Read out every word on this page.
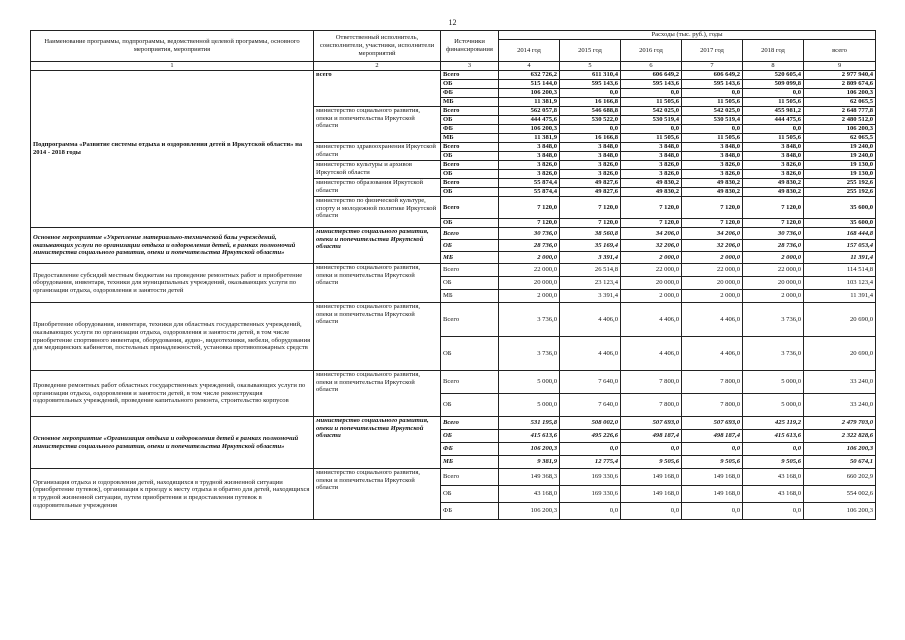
12
Наименование программы, подпрограммы, ведомственной целевой программы, основного мероприятия, мероприятия	Ответственный исполнитель, соисполнители, участники, исполнители мероприятий	Источники финансирования	Расходы (тыс. руб.), годы					
			2014 год	2015 год	2016 год	2017 год	2018 год	всего
1	2	3	4	5	6	7	8	9
Подпрограмма «Развитие системы отдыха и оздоровления детей в Иркутской области» на 2014 - 2018 годы	всего	Всего	632 726,2	611 310,4	606 649,2	606 649,2	520 605,4	2 977 940,4
		ОБ	515 144,0	595 143,6	595 143,6	595 143,6	509 099,8	2 809 674,6
		ФБ	106 200,3	0,0	0,0	0,0	0,0	106 200,3
		МБ	11 381,9	16 166,8	11 505,6	11 505,6	11 505,6	62 065,5
	министерство социального развития, опеки и попечительства Иркутской области	Всего	562 057,8	546 688,8	542 025,0	542 025,0	455 981,2	2 648 777,8
		ОБ	444 475,6	530 522,0	530 519,4	530 519,4	444 475,6	2 480 512,0
		ФБ	106 200,3	0,0	0,0	0,0	0,0	106 200,3
		МБ	11 381,9	16 166,8	11 505,6	11 505,6	11 505,6	62 065,5
	министерство здравоохранения Иркутской области	Всего	3 848,0	3 848,0	3 848,0	3 848,0	3 848,0	19 240,0
		ОБ	3 848,0	3 848,0	3 848,0	3 848,0	3 848,0	19 240,0
	министерство культуры и архивов Иркутской области	Всего	3 826,0	3 826,0	3 826,0	3 826,0	3 826,0	19 130,0
		ОБ	3 826,0	3 826,0	3 826,0	3 826,0	3 826,0	19 130,0
	министерство образования Иркутской области	Всего	55 874,4	49 827,6	49 830,2	49 830,2	49 830,2	255 192,6
		ОБ	55 874,4	49 827,6	49 830,2	49 830,2	49 830,2	255 192,6
	министерство по физической культуре, спорту и молодежной политике Иркутской области	Всего	7 120,0	7 120,0	7 120,0	7 120,0	7 120,0	35 600,0
		ОБ	7 120,0	7 120,0	7 120,0	7 120,0	7 120,0	35 600,0
Основное мероприятие «Укрепление материально-технической базы учреждений, оказывающих услуги по организации отдыха и оздоровления детей, в рамках полномочий министерства социального развития, опеки и попечительства Иркутской области»	министерство социального развития, опеки и попечительства Иркутской области	Всего	30 736,0	38 560,8	34 206,0	34 206,0	30 736,0	168 444,8
		ОБ	28 736,0	35 169,4	32 206,0	32 206,0	28 736,0	157 053,4
		МБ	2 000,0	3 391,4	2 000,0	2 000,0	2 000,0	11 391,4
Предоставление субсидий местным бюджетам на проведение ремонтных работ и приобретение оборудования, инвентаря, техники для муниципальных учреждений, оказывающих услуги по организации отдыха, оздоровления и занятости детей	министерство социального развития, опеки и попечительства Иркутской области	Всего	22 000,0	26 514,8	22 000,0	22 000,0	22 000,0	114 514,8
		ОБ	20 000,0	23 123,4	20 000,0	20 000,0	20 000,0	103 123,4
		МБ	2 000,0	3 391,4	2 000,0	2 000,0	2 000,0	11 391,4
Приобретение оборудования, инвентаря, техники для областных государственных учреждений, оказывающих услуги по организации отдыха, оздоровления и занятости детей, в том числе приобретение спортивного инвентаря, оборудования, аудио-, видеотехники, мебели, оборудования для медицинских кабинетов, постельных принадлежностей, установка противопожарных средств	министерство социального развития, опеки и попечительства Иркутской области	Всего	3 736,0	4 406,0	4 406,0	4 406,0	3 736,0	20 690,0
		ОБ	3 736,0	4 406,0	4 406,0	4 406,0	3 736,0	20 690,0
Проведение ремонтных работ областных государственных учреждений, оказывающих услуги по организации отдыха, оздоровления и занятости детей, в том числе реконструкция оздоровительных учреждений, проведение капитального ремонта, строительство корпусов	министерство социального развития, опеки и попечительства Иркутской области	Всего	5 000,0	7 640,0	7 800,0	7 800,0	5 000,0	33 240,0
		ОБ	5 000,0	7 640,0	7 800,0	7 800,0	5 000,0	33 240,0
Основное мероприятие «Организация отдыха и оздоровления детей в рамках полномочий министерства социального развития, опеки и попечительства Иркутской области»	министерство социального развития, опеки и попечительства Иркутской области	Всего	531 195,8	508 002,0	507 693,0	507 693,0	425 119,2	2 479 703,0
		ОБ	415 613,6	495 226,6	498 187,4	498 187,4	415 613,6	2 322 828,6
		ФБ	106 200,3	0,0	0,0	0,0	0,0	106 200,3
		МБ	9 381,9	12 775,4	9 505,6	9 505,6	9 505,6	50 674,1
Организация отдыха и оздоровления детей, находящихся в трудной жизненной ситуации (приобретение путевок), организация к проезду к месту отдыха и обратно для детей, находящихся в трудной жизненной ситуации, путем приобретения и предоставления путевок в оздоровительные учреждения	министерство социального развития, опеки и попечительства Иркутской области	Всего	149 368,3	169 330,6	149 168,0	149 168,0	43 168,0	660 202,9
		ОБ	43 168,0	169 330,6	149 168,0	149 168,0	43 168,0	554 002,6
		ФБ	106 200,3	0,0	0,0	0,0	0,0	106 200,3
